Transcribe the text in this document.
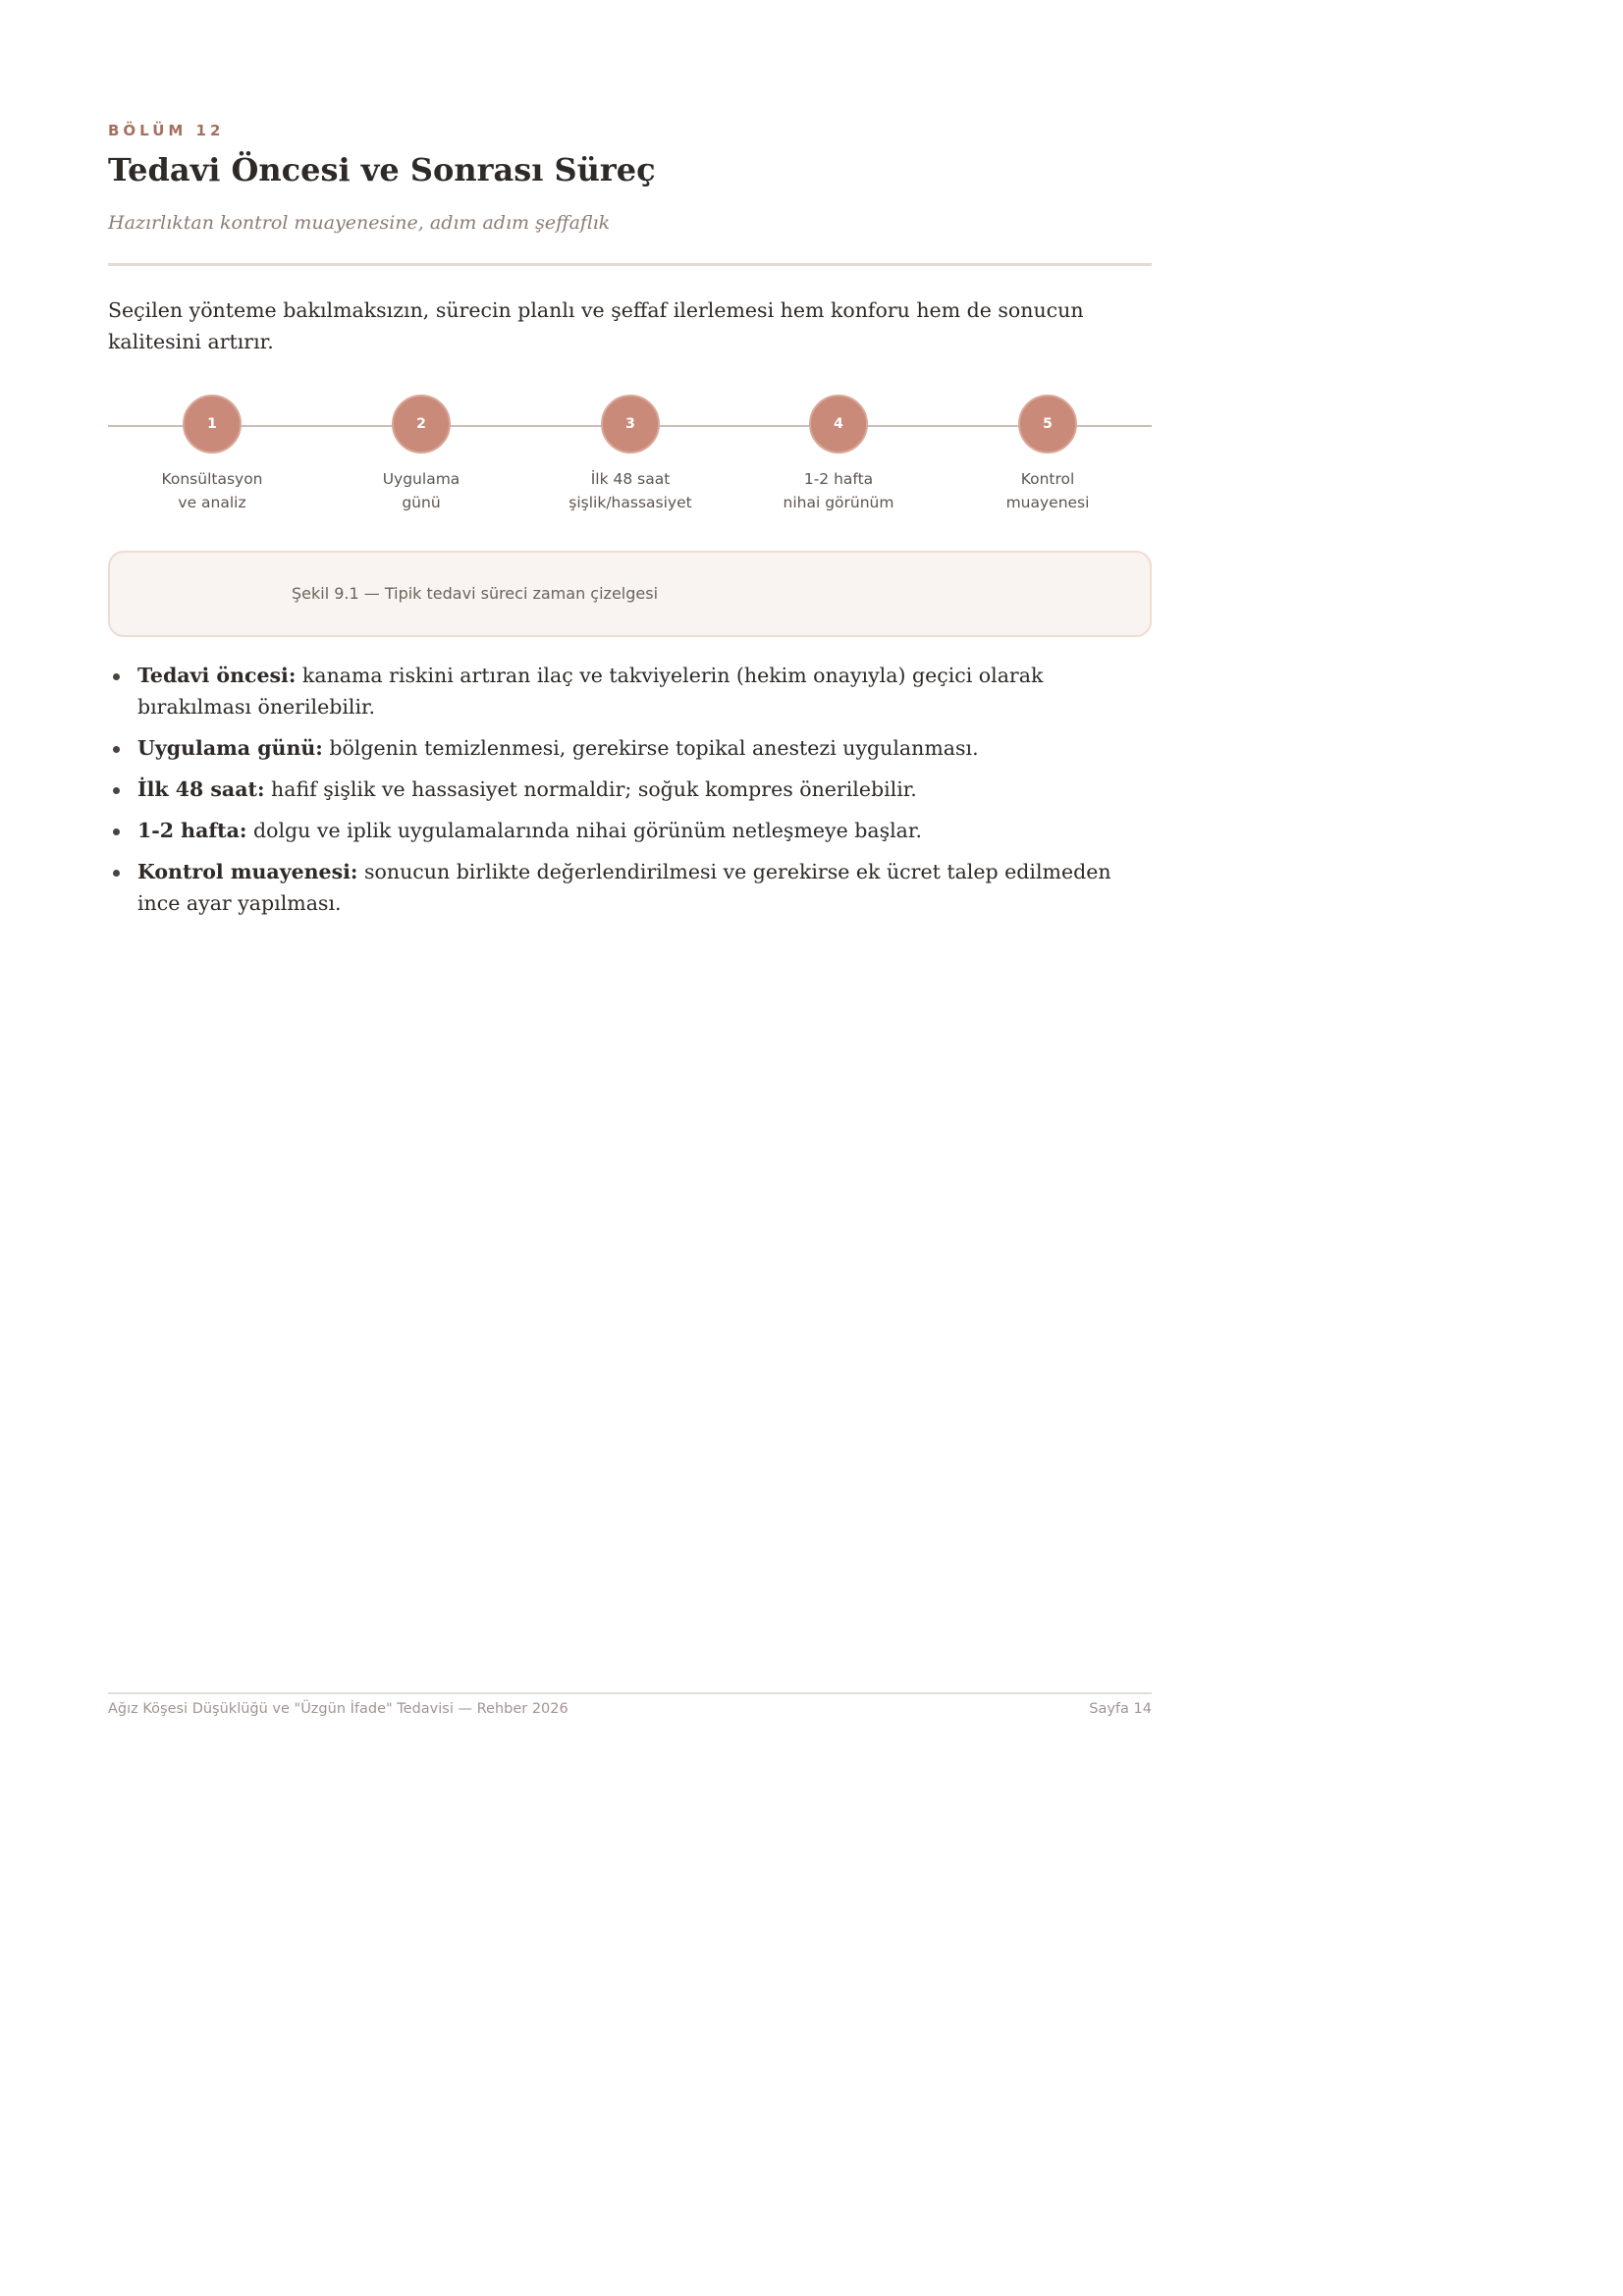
BÖLÜM 12
Tedavi Öncesi ve Sonrası Süreç
Hazırlıktan kontrol muayenesine, adım adım şeffaflık

Seçilen yönteme bakılmaksızın, sürecin planlı ve şeffaf ilerlemesi hem konforu hem de sonucun kalitesini artırır.

1
Konsültasyon
ve analiz
2
Uygulama
günü
3
İlk 48 saat
şişlik/hassasiyet
4
1-2 hafta
nihai görünüm
5
Kontrol
muayenesi
Şekil 9.1 — Tipik tedavi süreci zaman çizelgesi
Tedavi öncesi: kanama riskini artıran ilaç ve takviyelerin (hekim onayıyla) geçici olarak bırakılması önerilebilir.
Uygulama günü: bölgenin temizlenmesi, gerekirse topikal anestezi uygulanması.
İlk 48 saat: hafif şişlik ve hassasiyet normaldir; soğuk kompres önerilebilir.
1-2 hafta: dolgu ve iplik uygulamalarında nihai görünüm netleşmeye başlar.
Kontrol muayenesi: sonucun birlikte değerlendirilmesi ve gerekirse ek ücret talep edilmeden ince ayar yapılması.
Ağız Köşesi Düşüklüğü ve "Üzgün İfade" Tedavisi — Rehber 2026	Sayfa 14
